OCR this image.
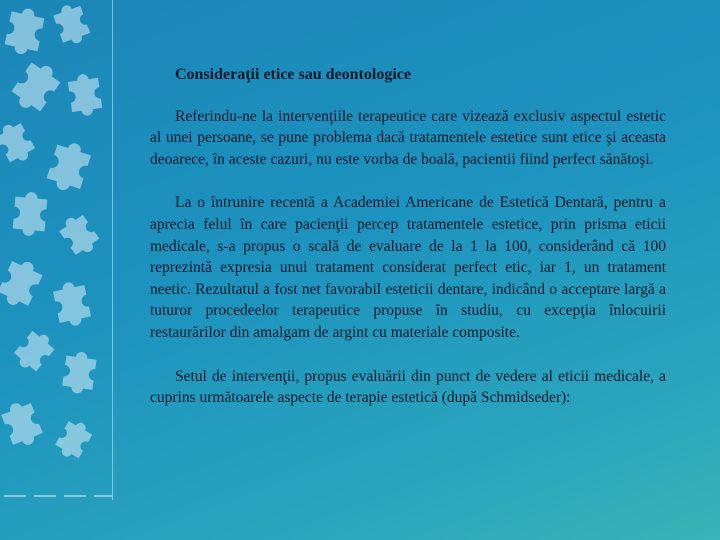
Consideraţii etice sau deontologice

Referindu-ne la intervenţiile terapeutice care vizează exclusiv aspectul estetic al unei persoane, se pune problema dacă tratamentele estetice sunt etice şi aceasta deoarece, în aceste cazuri, nu este vorba de boală, pacientii fiind perfect sănătoşi.

La o întrunire recentă a Academiei Americane de Estetică Dentară, pentru a aprecia felul în care pacienţii percep tratamentele estetice, prin prisma eticii medicale, s-a propus o scală de evaluare de la 1 la 100, considerând că 100 reprezintă expresia unui tratament considerat perfect etic, iar 1, un tratament neetic. Rezultatul a fost net favorabil esteticii dentare, indicând o acceptare largă a tuturor procedeelor terapeutice propuse în studiu, cu excepţia înlocuirii restaurărilor din amalgam de argint cu materiale composite.

Setul de intervenţii, propus evaluării din punct de vedere al eticii medicale, a cuprins următoarele aspecte de terapie estetică (după Schmidseder):
